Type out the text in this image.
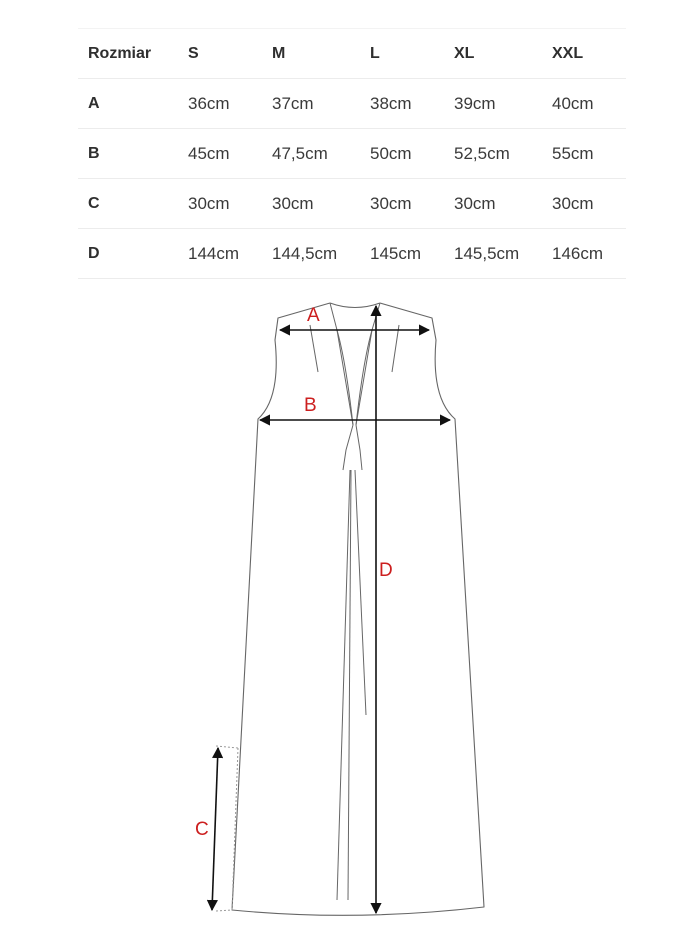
Rozmiar	S	M	L	XL	XXL
A	36cm	37cm	38cm	39cm	40cm
B	45cm	47,5cm	50cm	52,5cm	55cm
C	30cm	30cm	30cm	30cm	30cm
D	144cm	144,5cm	145cm	145,5cm	146cm
A
B
C
D
